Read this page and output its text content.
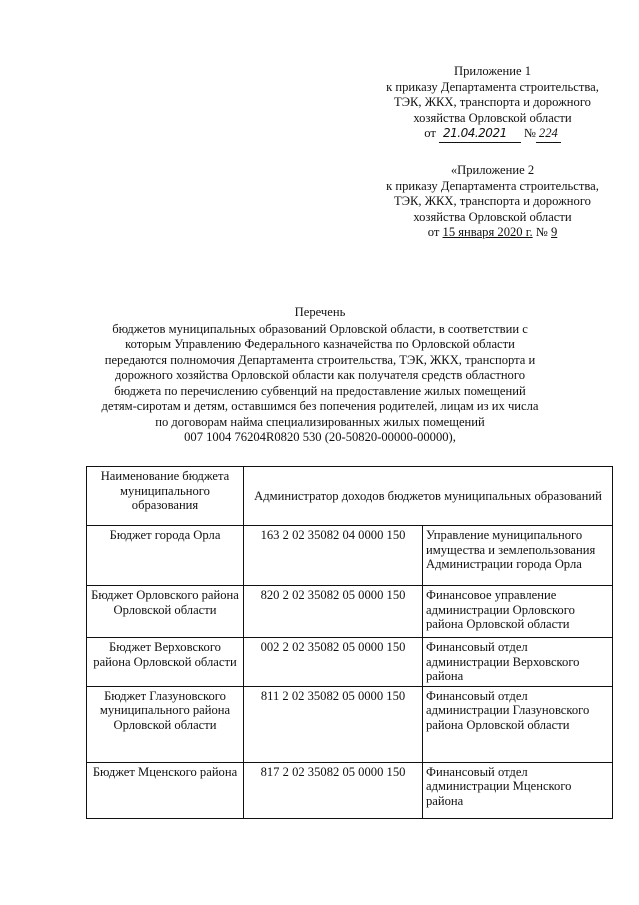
Приложение 1
к приказу Департамента строительства,
ТЭК, ЖКХ, транспорта и дорожного
хозяйства Орловской области
от 21.04.2021 № 224
«Приложение 2
к приказу Департамента строительства,
ТЭК, ЖКХ, транспорта и дорожного
хозяйства Орловской области
от 15 января 2020 г. № 9
Перечень
бюджетов муниципальных образований Орловской области, в соответствии с
которым Управлению Федерального казначейства по Орловской области
передаются полномочия Департамента строительства, ТЭК, ЖКХ, транспорта и
дорожного хозяйства Орловской области как получателя средств областного
бюджета по перечислению субвенций на предоставление жилых помещений
детям-сиротам и детям, оставшимся без попечения родителей, лицам из их числа
по договорам найма специализированных жилых помещений
007 1004 76204R0820 530 (20-50820-00000-00000),
Наименование бюджета муниципального образования	Администратор доходов бюджетов муниципальных образований	
Бюджет города Орла	163 2 02 35082 04 0000 150	Управление муниципального имущества и землепользования Администрации города Орла
Бюджет Орловского района Орловской области	820 2 02 35082 05 0000 150	Финансовое управление администрации Орловского района Орловской области
Бюджет Верховского района Орловской области	002 2 02 35082 05 0000 150	Финансовый отдел администрации Верховского района
Бюджет Глазуновского муниципального района Орловской области	811 2 02 35082 05 0000 150	Финансовый отдел администрации Глазуновского района Орловской области
Бюджет Мценского района	817 2 02 35082 05 0000 150	Финансовый отдел администрации Мценского района
